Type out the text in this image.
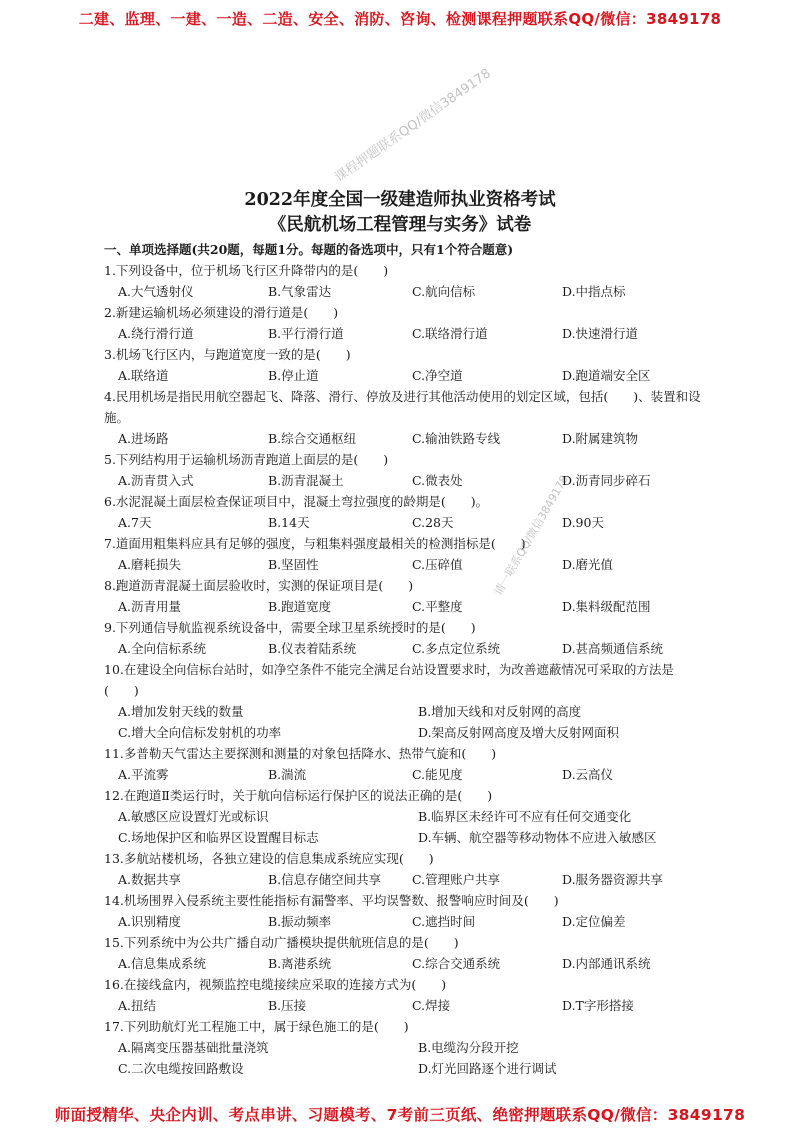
二建、监理、一建、一造、二造、安全、消防、咨询、检测课程押题联系QQ/微信：3849178
课程押题联系QQ/微信3849178
请一联系QQ/微信3849178
2022年度全国一级建造师执业资格考试
《民航机场工程管理与实务》试卷
一、单项选择题(共20题，每题1分。每题的备选项中，只有1个符合题意)
1.下列设备中，位于机场飞行区升降带内的是(　　)
A.大气透射仪	B.气象雷达	C.航向信标	D.中指点标
2.新建运输机场必须建设的滑行道是(　　)
A.绕行滑行道	B.平行滑行道	C.联络滑行道	D.快速滑行道
3.机场飞行区内，与跑道宽度一致的是(　　)
A.联络道	B.停止道	C.净空道	D.跑道端安全区
4.民用机场是指民用航空器起飞、降落、滑行、停放及进行其他活动使用的划定区域，包括(　　)、装置和设施。
A.进场路	B.综合交通枢纽	C.输油铁路专线	D.附属建筑物
5.下列结构用于运输机场沥青跑道上面层的是(　　)
A.沥青贯入式	B.沥青混凝土	C.微表处	D.沥青同步碎石
6.水泥混凝土面层检查保证项目中，混凝土弯拉强度的龄期是(　　)。
A.7天	B.14天	C.28天	D.90天
7.道面用粗集料应具有足够的强度，与粗集料强度最相关的检测指标是(　　)
A.磨耗损失	B.坚固性	C.压碎值	D.磨光值
8.跑道沥青混凝土面层验收时，实测的保证项目是(　　)
A.沥青用量	B.跑道宽度	C.平整度	D.集料级配范围
9.下列通信导航监视系统设备中，需要全球卫星系统授时的是(　　)
A.全向信标系统	B.仪表着陆系统	C.多点定位系统	D.甚高频通信系统
10.在建设全向信标台站时，如净空条件不能完全满足台站设置要求时，为改善遮蔽情况可采取的方法是(　　)
A.增加发射天线的数量	B.增加天线和对反射网的高度
C.增大全向信标发射机的功率	D.架高反射网高度及增大反射网面积
11.多普勒天气雷达主要探测和测量的对象包括降水、热带气旋和(　　)
A.平流雾	B.湍流	C.能见度	D.云高仪
12.在跑道Ⅱ类运行时，关于航向信标运行保护区的说法正确的是(　　)
A.敏感区应设置灯光或标识	B.临界区未经许可不应有任何交通变化
C.场地保护区和临界区设置醒目标志	D.车辆、航空器等移动物体不应进入敏感区
13.多航站楼机场，各独立建设的信息集成系统应实现(　　)
A.数据共享	B.信息存储空间共享	C.管理账户共享	D.服务器资源共享
14.机场围界入侵系统主要性能指标有漏警率、平均误警数、报警响应时间及(　　)
A.识别精度	B.振动频率	C.遮挡时间	D.定位偏差
15.下列系统中为公共广播自动广播模块提供航班信息的是(　　)
A.信息集成系统	B.离港系统	C.综合交通系统	D.内部通讯系统
16.在接线盒内，视频监控电缆接续应采取的连接方式为(　　)
A.扭结	B.压接	C.焊接	D.T字形搭接
17.下列助航灯光工程施工中，属于绿色施工的是(　　)
A.隔离变压器基础批量浇筑	B.电缆沟分段开挖
C.二次电缆按回路敷设	D.灯光回路逐个进行调试
师面授精华、央企内训、考点串讲、习题模考、7考前三页纸、绝密押题联系QQ/微信：3849178
